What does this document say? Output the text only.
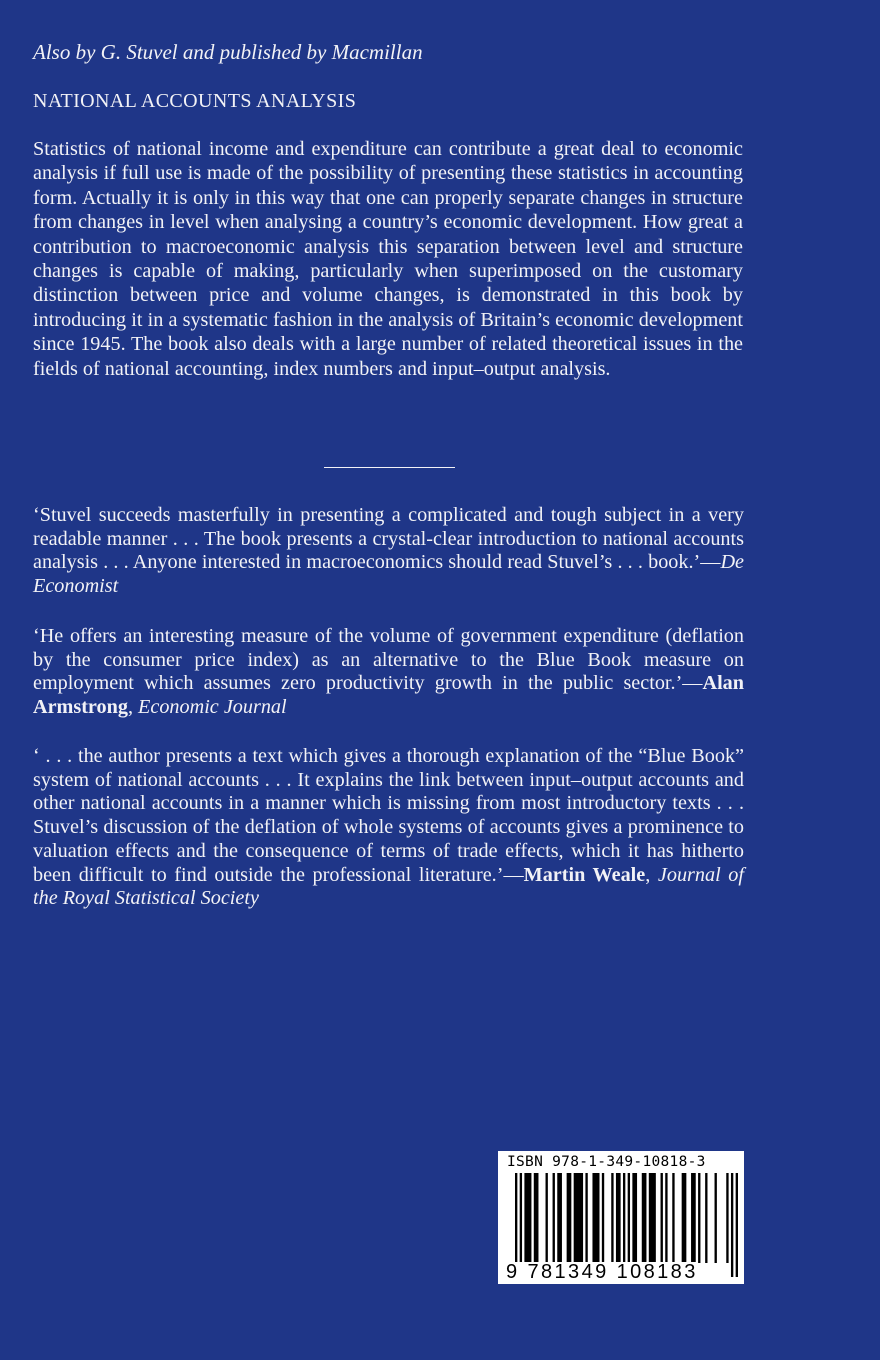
Also by G. Stuvel and published by Macmillan
NATIONAL ACCOUNTS ANALYSIS

Statistics of national income and expenditure can contribute a great deal to economic analysis if full use is made of the possibility of presenting these statistics in accounting form. Actually it is only in this way that one can properly separate changes in structure from changes in level when analysing a country’s economic development. How great a contribution to macroeconomic analysis this separation between level and structure changes is capable of making, particularly when superimposed on the customary distinction between price and volume changes, is demonstrated in this book by introducing it in a systematic fashion in the analysis of Britain’s economic development since 1945. The book also deals with a large number of related theoretical issues in the fields of national accounting, index numbers and input–output analysis.

‘Stuvel succeeds masterfully in presenting a complicated and tough subject in a very readable manner . . . The book presents a crystal-clear introduction to national accounts analysis . . . Anyone interested in macroeconomics should read Stuvel’s . . . book.’—De Economist

‘He offers an interesting measure of the volume of government expenditure (deflation by the consumer price index) as an alternative to the Blue Book measure on employment which assumes zero productivity growth in the public sector.’—Alan Armstrong, Economic Journal

‘ . . . the author presents a text which gives a thorough explanation of the “Blue Book” system of national accounts . . . It explains the link between input–output accounts and other national accounts in a manner which is missing from most introductory texts . . . Stuvel’s discussion of the deflation of whole systems of accounts gives a prominence to valuation effects and the consequence of terms of trade effects, which it has hitherto been difficult to find outside the professional literature.’—Martin Weale, Journal of the Royal Statistical Society

ISBN 978-1-349-10818-3
9 781349 108183
